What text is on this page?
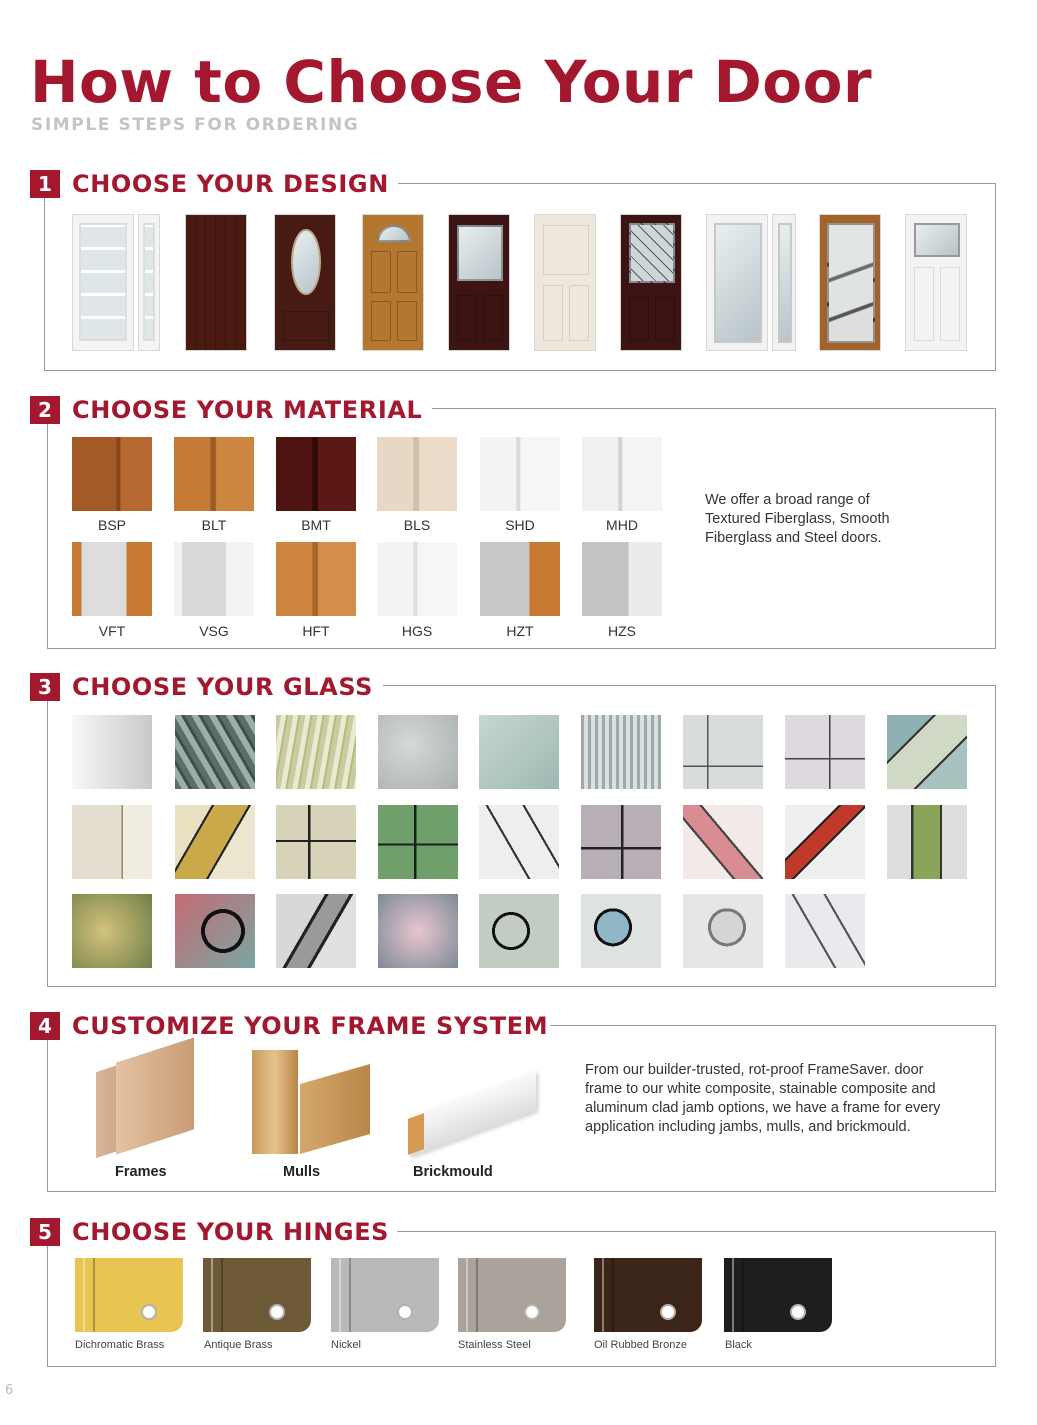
How to Choose Your Door
SIMPLE STEPS FOR ORDERING
1 CHOOSE YOUR DESIGN
2 CHOOSE YOUR MATERIAL
BSP	BLT	BMT	BLS	SHD	MHD
VFT	VSG	HFT	HGS	HZT	HZS
We offer a broad range of Textured Fiberglass, Smooth Fiberglass and Steel doors.
3 CHOOSE YOUR GLASS
4 CUSTOMIZE YOUR FRAME SYSTEM
Frames	Mulls	Brickmould
From our builder-trusted, rot-proof FrameSaver. door frame to our white composite, stainable composite and aluminum clad jamb options, we have a frame for every application including jambs, mulls, and brickmould.
5 CHOOSE YOUR HINGES
Dichromatic Brass	Antique Brass	Nickel	Stainless Steel	Oil Rubbed Bronze	Black
6
